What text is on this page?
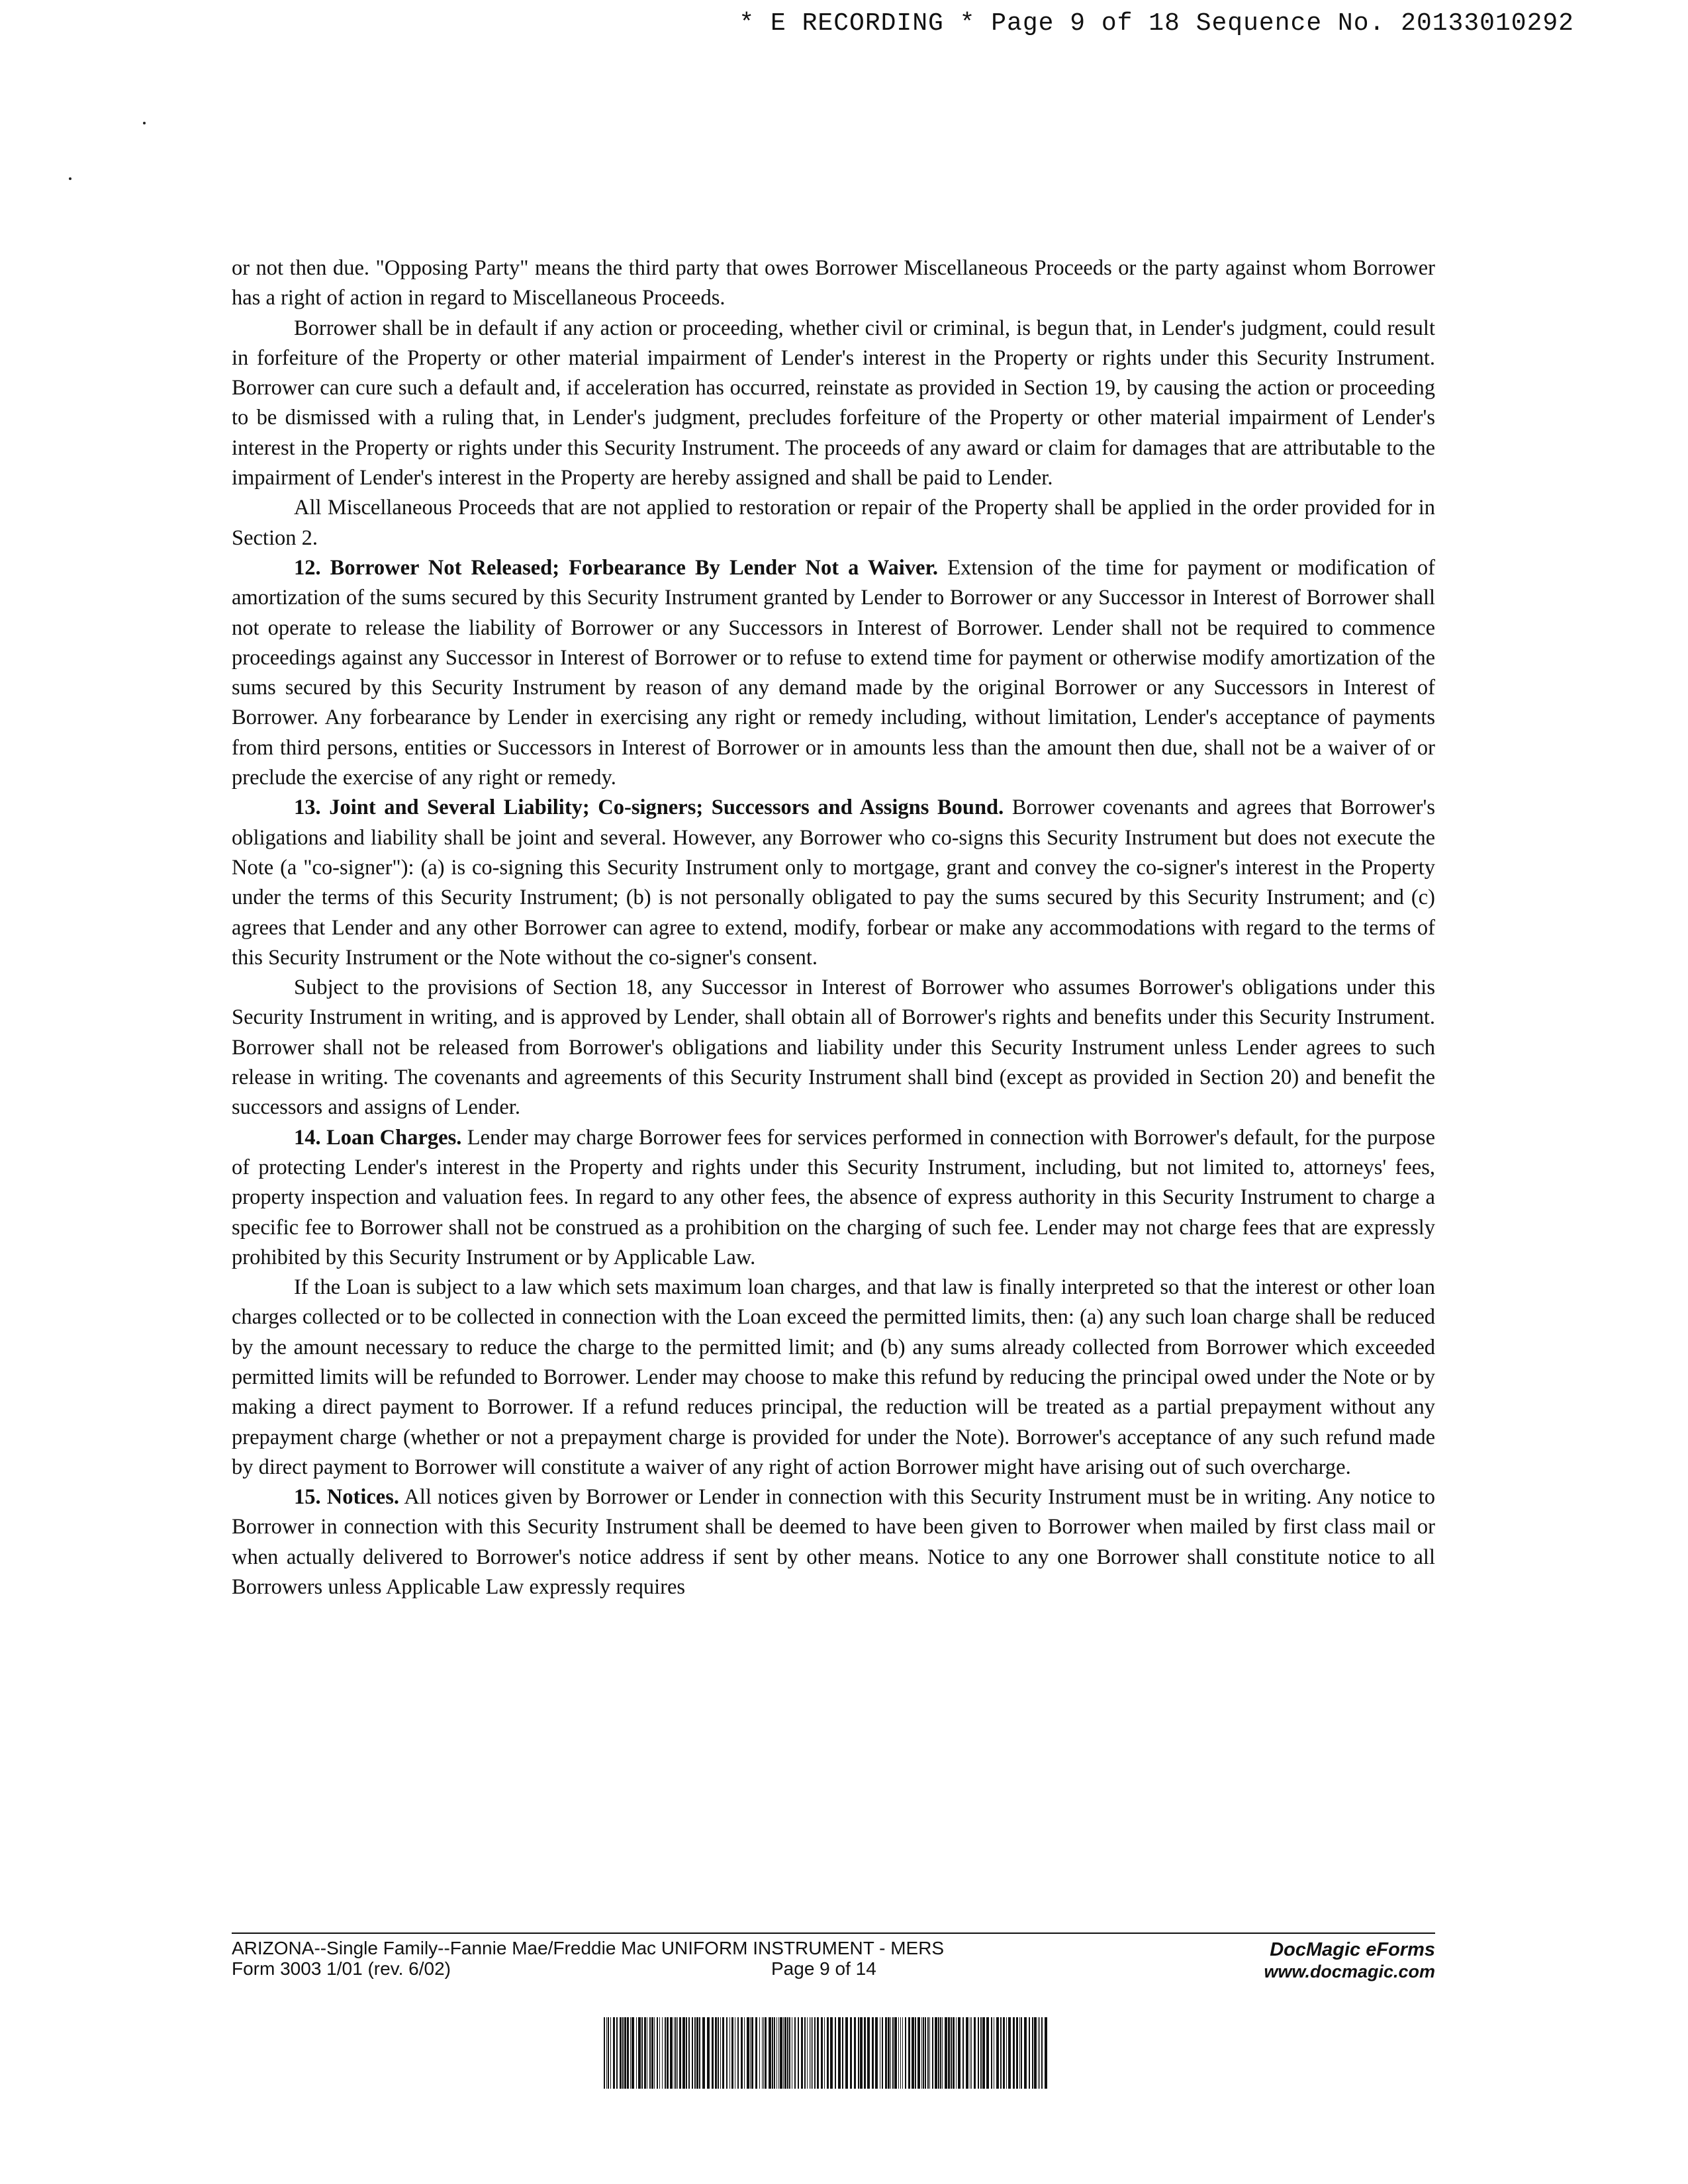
* E RECORDING * Page 9 of 18 Sequence No. 20133010292

or not then due. "Opposing Party" means the third party that owes Borrower Miscellaneous Proceeds or the party against whom Borrower has a right of action in regard to Miscellaneous Proceeds.

Borrower shall be in default if any action or proceeding, whether civil or criminal, is begun that, in Lender's judgment, could result in forfeiture of the Property or other material impairment of Lender's interest in the Property or rights under this Security Instrument. Borrower can cure such a default and, if acceleration has occurred, reinstate as provided in Section 19, by causing the action or proceeding to be dismissed with a ruling that, in Lender's judgment, precludes forfeiture of the Property or other material impairment of Lender's interest in the Property or rights under this Security Instrument. The proceeds of any award or claim for damages that are attributable to the impairment of Lender's interest in the Property are hereby assigned and shall be paid to Lender.

All Miscellaneous Proceeds that are not applied to restoration or repair of the Property shall be applied in the order provided for in Section 2.

12. Borrower Not Released; Forbearance By Lender Not a Waiver. Extension of the time for payment or modification of amortization of the sums secured by this Security Instrument granted by Lender to Borrower or any Successor in Interest of Borrower shall not operate to release the liability of Borrower or any Successors in Interest of Borrower. Lender shall not be required to commence proceedings against any Successor in Interest of Borrower or to refuse to extend time for payment or otherwise modify amortization of the sums secured by this Security Instrument by reason of any demand made by the original Borrower or any Successors in Interest of Borrower. Any forbearance by Lender in exercising any right or remedy including, without limitation, Lender's acceptance of payments from third persons, entities or Successors in Interest of Borrower or in amounts less than the amount then due, shall not be a waiver of or preclude the exercise of any right or remedy.

13. Joint and Several Liability; Co-signers; Successors and Assigns Bound. Borrower covenants and agrees that Borrower's obligations and liability shall be joint and several. However, any Borrower who co-signs this Security Instrument but does not execute the Note (a "co-signer"): (a) is co-signing this Security Instrument only to mortgage, grant and convey the co-signer's interest in the Property under the terms of this Security Instrument; (b) is not personally obligated to pay the sums secured by this Security Instrument; and (c) agrees that Lender and any other Borrower can agree to extend, modify, forbear or make any accommodations with regard to the terms of this Security Instrument or the Note without the co-signer's consent.

Subject to the provisions of Section 18, any Successor in Interest of Borrower who assumes Borrower's obligations under this Security Instrument in writing, and is approved by Lender, shall obtain all of Borrower's rights and benefits under this Security Instrument. Borrower shall not be released from Borrower's obligations and liability under this Security Instrument unless Lender agrees to such release in writing. The covenants and agreements of this Security Instrument shall bind (except as provided in Section 20) and benefit the successors and assigns of Lender.

14. Loan Charges. Lender may charge Borrower fees for services performed in connection with Borrower's default, for the purpose of protecting Lender's interest in the Property and rights under this Security Instrument, including, but not limited to, attorneys' fees, property inspection and valuation fees. In regard to any other fees, the absence of express authority in this Security Instrument to charge a specific fee to Borrower shall not be construed as a prohibition on the charging of such fee. Lender may not charge fees that are expressly prohibited by this Security Instrument or by Applicable Law.

If the Loan is subject to a law which sets maximum loan charges, and that law is finally interpreted so that the interest or other loan charges collected or to be collected in connection with the Loan exceed the permitted limits, then: (a) any such loan charge shall be reduced by the amount necessary to reduce the charge to the permitted limit; and (b) any sums already collected from Borrower which exceeded permitted limits will be refunded to Borrower. Lender may choose to make this refund by reducing the principal owed under the Note or by making a direct payment to Borrower. If a refund reduces principal, the reduction will be treated as a partial prepayment without any prepayment charge (whether or not a prepayment charge is provided for under the Note). Borrower's acceptance of any such refund made by direct payment to Borrower will constitute a waiver of any right of action Borrower might have arising out of such overcharge.

15. Notices. All notices given by Borrower or Lender in connection with this Security Instrument must be in writing. Any notice to Borrower in connection with this Security Instrument shall be deemed to have been given to Borrower when mailed by first class mail or when actually delivered to Borrower's notice address if sent by other means. Notice to any one Borrower shall constitute notice to all Borrowers unless Applicable Law expressly requires

ARIZONA--Single Family--Fannie Mae/Freddie Mac UNIFORM INSTRUMENT - MERS
Form 3003 1/01 (rev. 6/02)	Page 9 of 14
DocMagic eForms
www.docmagic.com
